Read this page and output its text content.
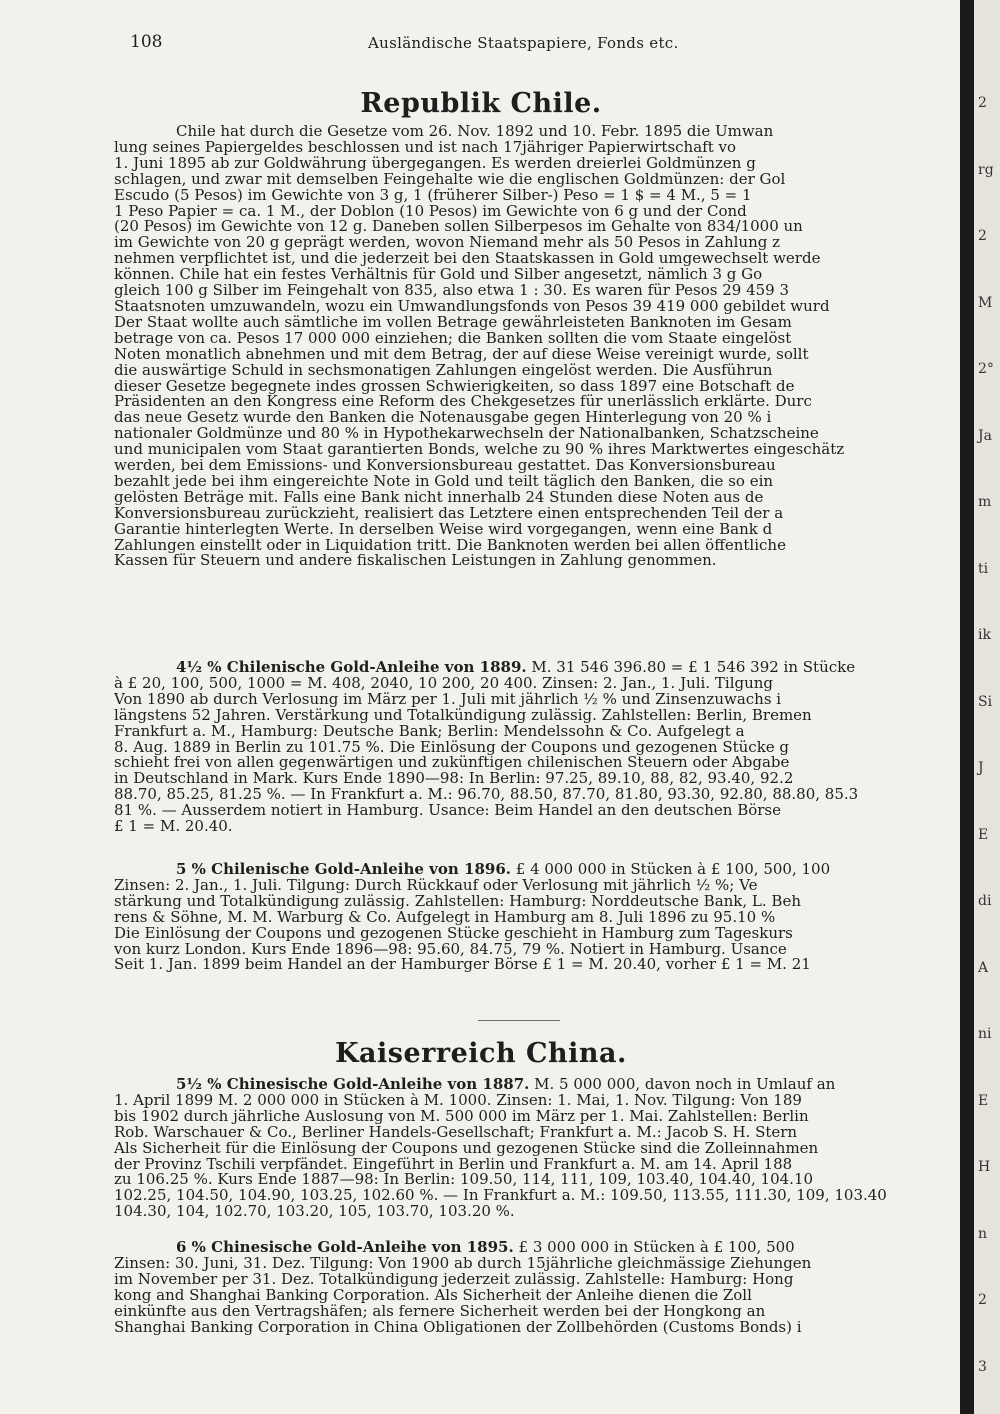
108	Ausländische Staatspapiere, Fonds etc.
Republik Chile.

Chile hat durch die Gesetze vom 26. Nov. 1892 und 10. Febr. 1895 die Umwan

lung seines Papiergeldes beschlossen und ist nach 17jähriger Papierwirtschaft vo

1. Juni 1895 ab zur Goldwährung übergegangen. Es werden dreierlei Goldmünzen g

schlagen, und zwar mit demselben Feingehalte wie die englischen Goldmünzen: der Gol

Escudo (5 Pesos) im Gewichte von 3 g, 1 (früherer Silber-) Peso = 1 $ = 4 M., 5 = 1

1 Peso Papier = ca. 1 M., der Doblon (10 Pesos) im Gewichte von 6 g und der Cond

(20 Pesos) im Gewichte von 12 g. Daneben sollen Silberpesos im Gehalte von 834/1000 un

im Gewichte von 20 g geprägt werden, wovon Niemand mehr als 50 Pesos in Zahlung z

nehmen verpflichtet ist, und die jederzeit bei den Staatskassen in Gold umgewechselt werde

können. Chile hat ein festes Verhältnis für Gold und Silber angesetzt, nämlich 3 g Go

gleich 100 g Silber im Feingehalt von 835, also etwa 1 : 30. Es waren für Pesos 29 459 3

Staatsnoten umzuwandeln, wozu ein Umwandlungsfonds von Pesos 39 419 000 gebildet wurd

Der Staat wollte auch sämtliche im vollen Betrage gewährleisteten Banknoten im Gesam

betrage von ca. Pesos 17 000 000 einziehen; die Banken sollten die vom Staate eingelöst

Noten monatlich abnehmen und mit dem Betrag, der auf diese Weise vereinigt wurde, sollt

die auswärtige Schuld in sechsmonatigen Zahlungen eingelöst werden. Die Ausführun

dieser Gesetze begegnete indes grossen Schwierigkeiten, so dass 1897 eine Botschaft de

Präsidenten an den Kongress eine Reform des Chekgesetzes für unerlässlich erklärte. Durc

das neue Gesetz wurde den Banken die Notenausgabe gegen Hinterlegung von 20 % i

nationaler Goldmünze und 80 % in Hypothekarwechseln der Nationalbanken, Schatzscheine

und municipalen vom Staat garantierten Bonds, welche zu 90 % ihres Marktwertes eingeschätz

werden, bei dem Emissions- und Konversionsbureau gestattet. Das Konversionsbureau

bezahlt jede bei ihm eingereichte Note in Gold und teilt täglich den Banken, die so ein

gelösten Beträge mit. Falls eine Bank nicht innerhalb 24 Stunden diese Noten aus de

Konversionsbureau zurückzieht, realisiert das Letztere einen entsprechenden Teil der a

Garantie hinterlegten Werte. In derselben Weise wird vorgegangen, wenn eine Bank d

Zahlungen einstellt oder in Liquidation tritt. Die Banknoten werden bei allen öffentliche

Kassen für Steuern und andere fiskalischen Leistungen in Zahlung genommen.

4½ % Chilenische Gold-Anleihe von 1889. M. 31 546 396.80 = £ 1 546 392 in Stücke

à £ 20, 100, 500, 1000 = M. 408, 2040, 10 200, 20 400. Zinsen: 2. Jan., 1. Juli. Tilgung

Von 1890 ab durch Verlosung im März per 1. Juli mit jährlich ½ % und Zinsenzuwachs i

längstens 52 Jahren. Verstärkung und Totalkündigung zulässig. Zahlstellen: Berlin, Bremen

Frankfurt a. M., Hamburg: Deutsche Bank; Berlin: Mendelssohn & Co. Aufgelegt a

8. Aug. 1889 in Berlin zu 101.75 %. Die Einlösung der Coupons und gezogenen Stücke g

schieht frei von allen gegenwärtigen und zukünftigen chilenischen Steuern oder Abgabe

in Deutschland in Mark. Kurs Ende 1890—98: In Berlin: 97.25, 89.10, 88, 82, 93.40, 92.2

88.70, 85.25, 81.25 %. — In Frankfurt a. M.: 96.70, 88.50, 87.70, 81.80, 93.30, 92.80, 88.80, 85.3

81 %. — Ausserdem notiert in Hamburg. Usance: Beim Handel an den deutschen Börse

£ 1 = M. 20.40.

5 % Chilenische Gold-Anleihe von 1896. £ 4 000 000 in Stücken à £ 100, 500, 100

Zinsen: 2. Jan., 1. Juli. Tilgung: Durch Rückkauf oder Verlosung mit jährlich ½ %; Ve

stärkung und Totalkündigung zulässig. Zahlstellen: Hamburg: Norddeutsche Bank, L. Beh

rens & Söhne, M. M. Warburg & Co. Aufgelegt in Hamburg am 8. Juli 1896 zu 95.10 %

Die Einlösung der Coupons und gezogenen Stücke geschieht in Hamburg zum Tageskurs

von kurz London. Kurs Ende 1896—98: 95.60, 84.75, 79 %. Notiert in Hamburg. Usance

Seit 1. Jan. 1899 beim Handel an der Hamburger Börse £ 1 = M. 20.40, vorher £ 1 = M. 21

Kaiserreich China.

5½ % Chinesische Gold-Anleihe von 1887. M. 5 000 000, davon noch in Umlauf an

1. April 1899 M. 2 000 000 in Stücken à M. 1000. Zinsen: 1. Mai, 1. Nov. Tilgung: Von 189

bis 1902 durch jährliche Auslosung von M. 500 000 im März per 1. Mai. Zahlstellen: Berlin

Rob. Warschauer & Co., Berliner Handels-Gesellschaft; Frankfurt a. M.: Jacob S. H. Stern

Als Sicherheit für die Einlösung der Coupons und gezogenen Stücke sind die Zolleinnahmen

der Provinz Tschili verpfändet. Eingeführt in Berlin und Frankfurt a. M. am 14. April 188

zu 106.25 %. Kurs Ende 1887—98: In Berlin: 109.50, 114, 111, 109, 103.40, 104.40, 104.10

102.25, 104.50, 104.90, 103.25, 102.60 %. — In Frankfurt a. M.: 109.50, 113.55, 111.30, 109, 103.40

104.30, 104, 102.70, 103.20, 105, 103.70, 103.20 %.

6 % Chinesische Gold-Anleihe von 1895. £ 3 000 000 in Stücken à £ 100, 500

Zinsen: 30. Juni, 31. Dez. Tilgung: Von 1900 ab durch 15jährliche gleichmässige Ziehungen

im November per 31. Dez. Totalkündigung jederzeit zulässig. Zahlstelle: Hamburg: Hong

kong and Shanghai Banking Corporation. Als Sicherheit der Anleihe dienen die Zoll

einkünfte aus den Vertragshäfen; als fernere Sicherheit werden bei der Hongkong an

Shanghai Banking Corporation in China Obligationen der Zollbehörden (Customs Bonds) i

2
rg
2
M
2°
Ja
m
ti
ik
Si
J
E
di
A
ni
E
H
n
2
3
